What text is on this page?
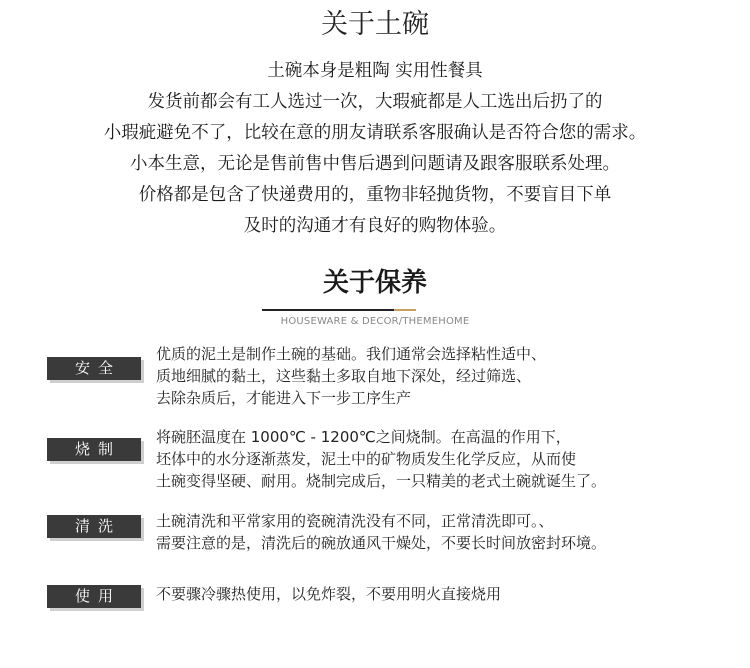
关于土碗
土碗本身是粗陶 实用性餐具
发货前都会有工人选过一次，大瑕疵都是人工选出后扔了的
小瑕疵避免不了，比较在意的朋友请联系客服确认是否符合您的需求。
小本生意，无论是售前售中售后遇到问题请及跟客服联系处理。
价格都是包含了快递费用的，重物非轻抛货物，不要盲目下单
及时的沟通才有良好的购物体验。
关于保养
HOUSEWARE & DECOR/THEMEHOME
安全
优质的泥土是制作土碗的基础。我们通常会选择粘性适中、
质地细腻的黏土，这些黏土多取自地下深处，经过筛选、
去除杂质后，才能进入下一步工序生产
烧制
将碗胚温度在 1000℃ - 1200℃之间烧制。在高温的作用下，
坯体中的水分逐渐蒸发，泥土中的矿物质发生化学反应，从而使
土碗变得坚硬、耐用。烧制完成后，一只精美的老式土碗就诞生了。
清洗	土碗清洗和平常家用的瓷碗清洗没有不同，正常清洗即可。、
需要注意的是，清洗后的碗放通风干燥处，不要长时间放密封环境。
使用	不要骤冷骤热使用，以免炸裂，不要用明火直接烧用
